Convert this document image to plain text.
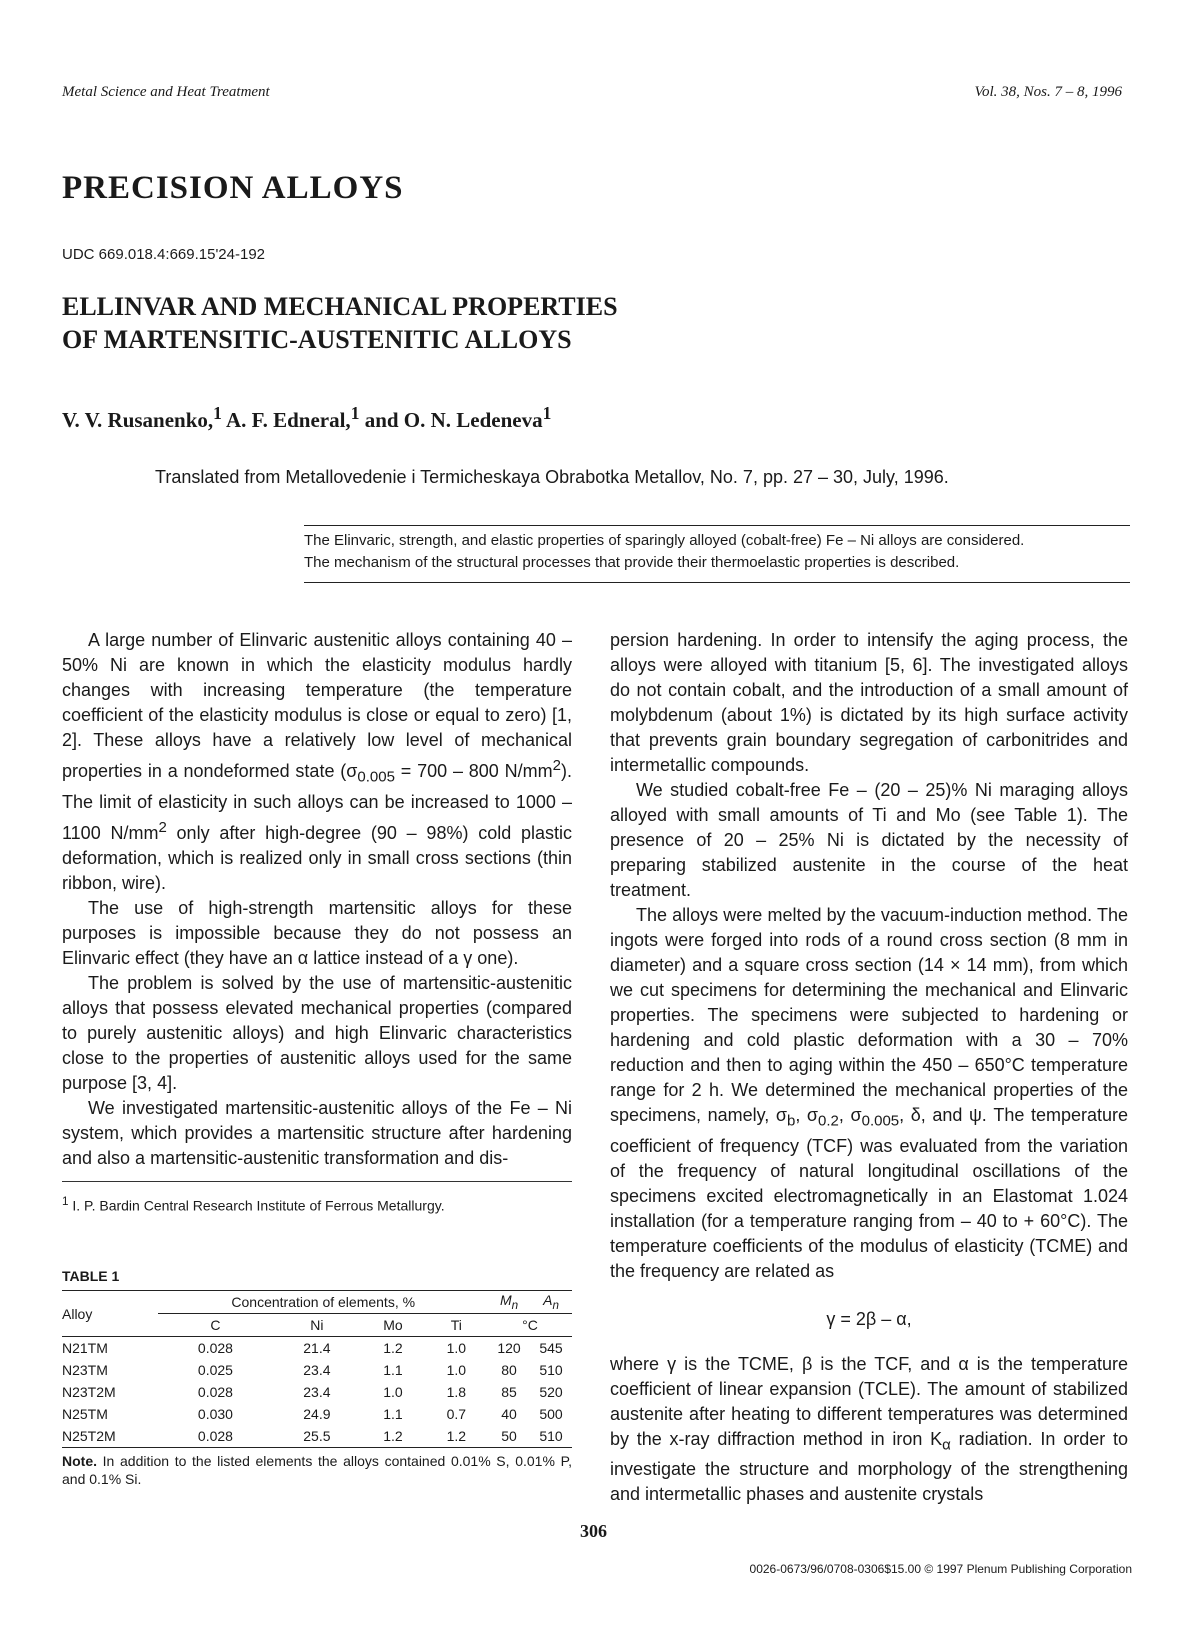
Metal Science and Heat Treatment	Vol. 38, Nos. 7 – 8, 1996
PRECISION ALLOYS
UDC 669.018.4:669.15'24-192
ELLINVAR AND MECHANICAL PROPERTIES
OF MARTENSITIC-AUSTENITIC ALLOYS
V. V. Rusanenko,$^1$ A. F. Edneral,$^1$ and O. N. Ledeneva$^1$
Translated from Metallovedenie i Termicheskaya Obrabotka Metallov, No. 7, pp. 27 – 30, July, 1996.

The Elinvaric, strength, and elastic properties of sparingly alloyed (cobalt-free) Fe – Ni alloys are considered.

The mechanism of the structural processes that provide their thermoelastic properties is described.

A large number of Elinvaric austenitic alloys containing 40 – 50% Ni are known in which the elasticity modulus hardly changes with increasing temperature (the temperature coefficient of the elasticity modulus is close or equal to zero) [1, 2]. These alloys have a relatively low level of mechanical properties in a nondeformed state ($\sigma_{0.005} = 700 - 800$ $N/mm^2$). The limit of elasticity in such alloys can be increased to 1000 – 1100 $N/mm^2$ only after high-degree (90 – 98%) cold plastic deformation, which is realized only in small cross sections (thin ribbon, wire).

The use of high-strength martensitic alloys for these purposes is impossible because they do not possess an Elinvaric effect (they have an α lattice instead of a γ one).

The problem is solved by the use of martensitic-austenitic alloys that possess elevated mechanical properties (compared to purely austenitic alloys) and high Elinvaric characteristics close to the properties of austenitic alloys used for the same purpose [3, 4].

We investigated martensitic-austenitic alloys of the Fe – Ni system, which provides a martensitic structure after hardening and also a martensitic-austenitic transformation and dis-

$^1$ I. P. Bardin Central Research Institute of Ferrous Metallurgy.
TABLE 1
Alloy	Concentration of elements, %				$M_n$	$A_n$
	C	Ni	Mo	Ti	°C	
N21TM	0.028	21.4	1.2	1.0	120	545
N23TM	0.025	23.4	1.1	1.0	80	510
N23T2M	0.028	23.4	1.0	1.8	85	520
N25TM	0.030	24.9	1.1	0.7	40	500
N25T2M	0.028	25.5	1.2	1.2	50	510
Note. In addition to the listed elements the alloys contained 0.01% S, 0.01% P, and 0.1% Si.

persion hardening. In order to intensify the aging process, the alloys were alloyed with titanium [5, 6]. The investigated alloys do not contain cobalt, and the introduction of a small amount of molybdenum (about 1%) is dictated by its high surface activity that prevents grain boundary segregation of carbonitrides and intermetallic compounds.

We studied cobalt-free Fe – (20 – 25)% Ni maraging alloys alloyed with small amounts of Ti and Mo (see Table 1). The presence of 20 – 25% Ni is dictated by the necessity of preparing stabilized austenite in the course of the heat treatment.

The alloys were melted by the vacuum-induction method. The ingots were forged into rods of a round cross section (8 mm in diameter) and a square cross section (14 × 14 mm), from which we cut specimens for determining the mechanical and Elinvaric properties. The specimens were subjected to hardening or hardening and cold plastic deformation with a 30 – 70% reduction and then to aging within the 450 – 650°C temperature range for 2 h. We determined the mechanical properties of the specimens, namely, $\sigma_b$, $\sigma_{0.2}$, $\sigma_{0.005}$, δ, and ψ. The temperature coefficient of frequency (TCF) was evaluated from the variation of the frequency of natural longitudinal oscillations of the specimens excited electromagnetically in an Elastomat 1.024 installation (for a temperature ranging from – 40 to + 60°C). The temperature coefficients of the modulus of elasticity (TCME) and the frequency are related as

γ = 2β – α,

where γ is the TCME, β is the TCF, and α is the temperature coefficient of linear expansion (TCLE). The amount of stabilized austenite after heating to different temperatures was determined by the x-ray diffraction method in iron $K_\alpha$ radiation. In order to investigate the structure and morphology of the strengthening and intermetallic phases and austenite crystals

306
0026-0673/96/0708-0306$15.00 © 1997 Plenum Publishing Corporation
